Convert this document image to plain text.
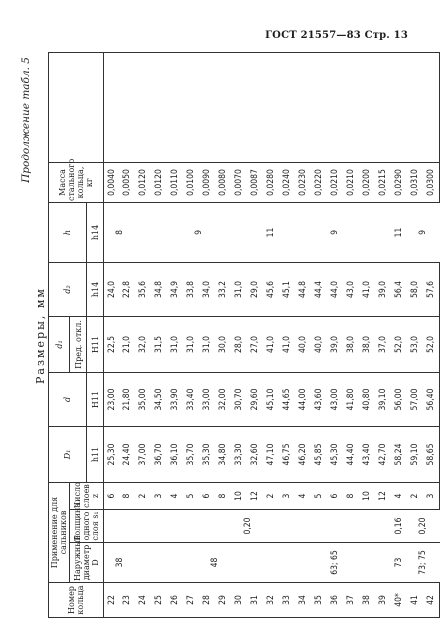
ГОСТ 21557—83 Стр. 13
Продолжение табл. 5
Размеры, мм
Номер кольца	Применение для сальников			D₁	d	d₁	d₂	h	Масса стального кольца, кг	
	Наружный диаметр D	Толщина одного слоя s₁	Число слоев z			Пред. откл.				
				h11	H11	H11	h14	h14		
22	38	0,20	6	25,30	23,00	22,5	24,0	8	0,0040	
23			8	24,40	21,80	21,0	22,8		0,0050	
24			2	37,00	35,00	32,0	35,6	9	0,0120	
25	48		3	36,70	34,50	31,5	34,8		0,0120	
26			4	36,10	33,90	31,0	34,9		0,0110	
27			5	35,70	33,40	31,0	33,8		0,0100	
28			6	35,30	33,00	31,0	34,0		0,0090	
29			8	34,80	32,00	30,0	33,2		0,0080	
30			10	33,30	30,70	28,0	31,0		0,0070	
31			12	32,60	29,60	27,0	29,0		0,0087	
32			2	47,10	45,10	41,0	45,6	11	0,0280	
33	63; 65		3	46,75	44,65	41,0	45,1	9	0,0240	
34			4	46,20	44,00	40,0	44,8		0,0230	
35			5	45,85	43,60	40,0	44,4		0,0220	
36			6	45,30	43,00	39,0	44,0		0,0210	
37			8	44,40	41,80	38,0	43,0		0,0210	
38			10	43,40	40,80	38,0	41,0		0,0200	
39			12	42,70	39,10	37,0	39,0		0,0215	
40*	73	0,16	4	58,24	56,00	52,0	56,4	11	0,0290	
41	73; 75	0,20	2	59,10	57,00	53,0	58,0	9	0,0310	
42			3	58,65	56,40	52,0	57,6		0,0300	
